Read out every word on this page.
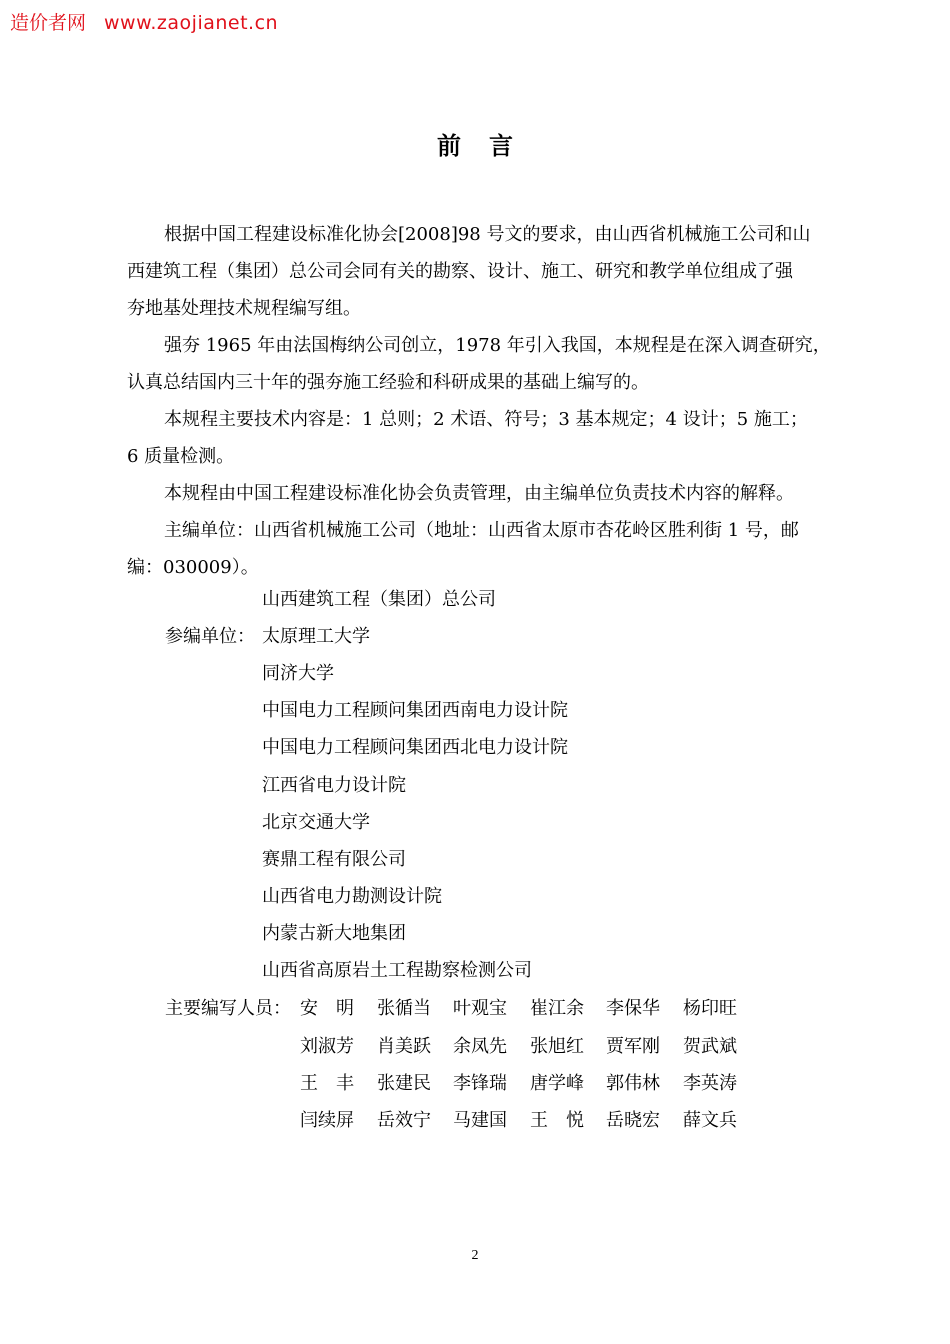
造价者网 www.zaojianet.cn
前言
根据中国工程建设标准化协会[2008]98 号文的要求，由山西省机械施工公司和山
西建筑工程（集团）总公司会同有关的勘察、设计、施工、研究和教学单位组成了强
夯地基处理技术规程编写组。
强夯 1965 年由法国梅纳公司创立，1978 年引入我国，本规程是在深入调查研究，
认真总结国内三十年的强夯施工经验和科研成果的基础上编写的。
本规程主要技术内容是：1 总则；2 术语、符号；3 基本规定；4 设计；5 施工；
6 质量检测。
本规程由中国工程建设标准化协会负责管理，由主编单位负责技术内容的解释。
主编单位：山西省机械施工公司（地址：山西省太原市杏花岭区胜利街 1 号，邮
编：030009）。
山西建筑工程（集团）总公司
参编单位： 太原理工大学
同济大学
中国电力工程顾问集团西南电力设计院
中国电力工程顾问集团西北电力设计院
江西省电力设计院
北京交通大学
赛鼎工程有限公司
山西省电力勘测设计院
内蒙古新大地集团
山西省高原岩土工程勘察检测公司
主要编写人员： 安　明 张循当 叶观宝 崔江余 李保华 杨印旺
刘淑芳 肖美跃 余凤先 张旭红 贾军刚 贺武斌
王　丰 张建民 李锋瑞 唐学峰 郭伟林 李英涛
闫续屏 岳效宁 马建国 王　悦 岳晓宏 薛文兵
2
